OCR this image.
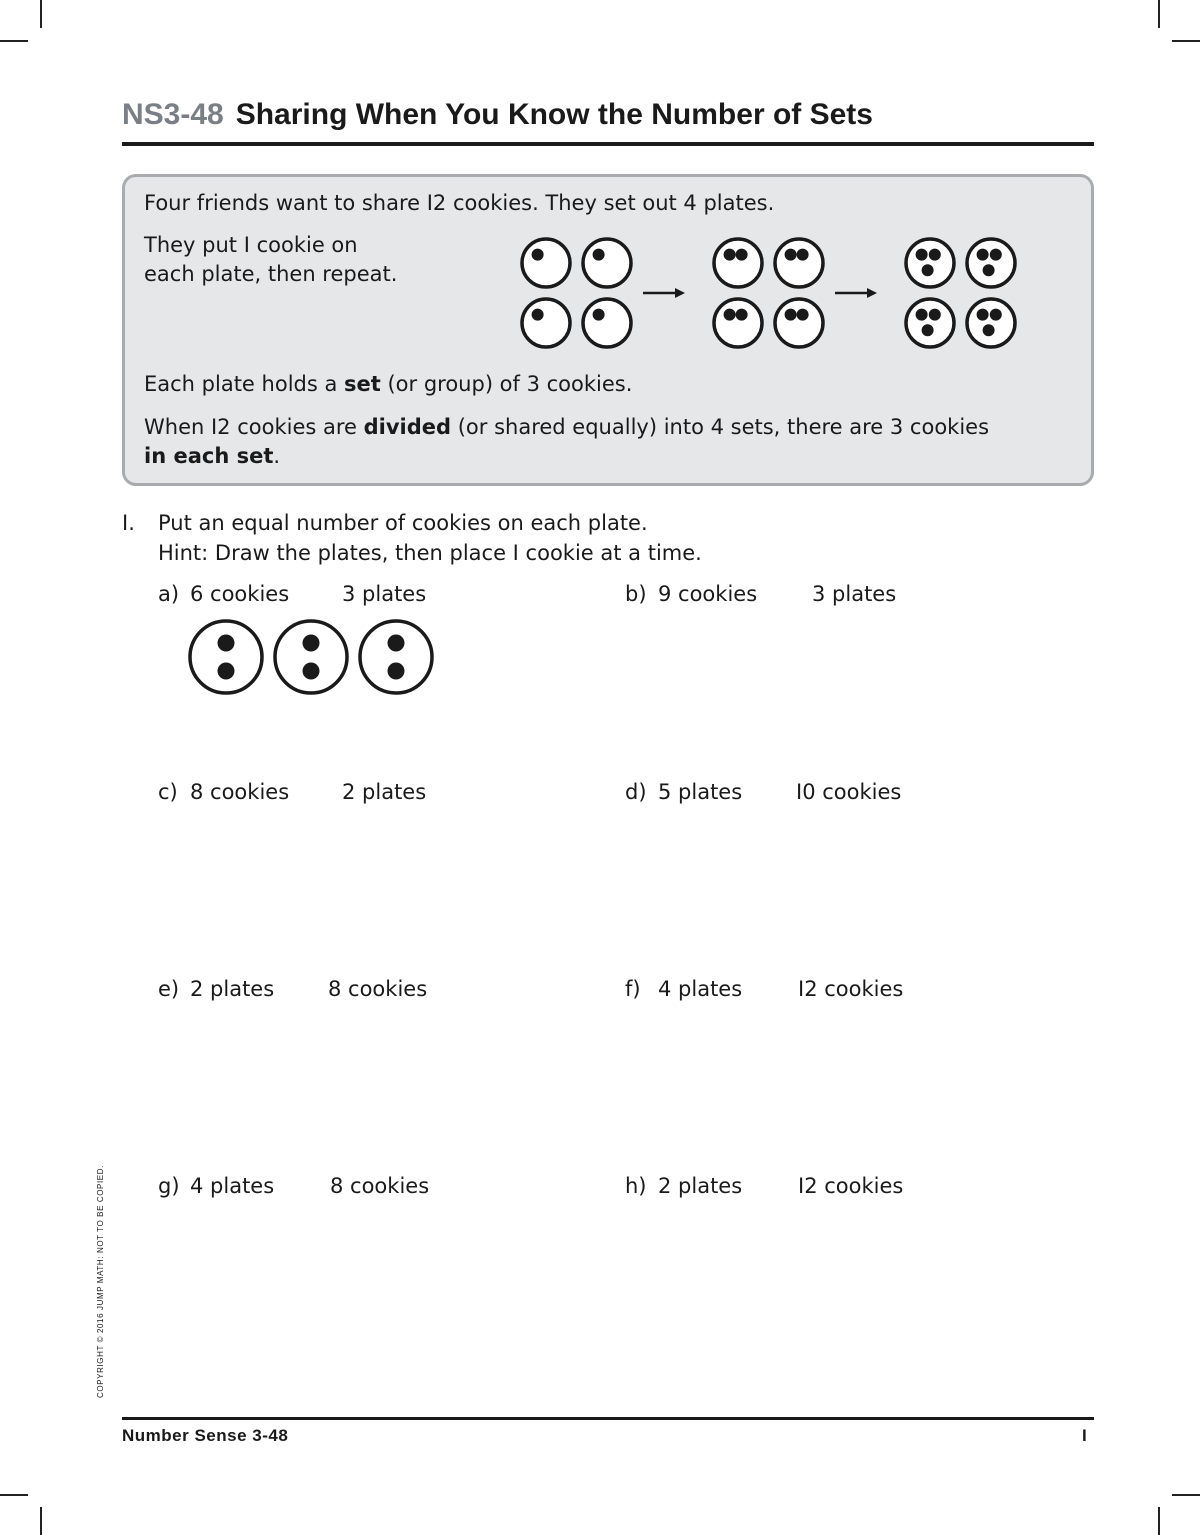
NS3-48 Sharing When You Know the Number of Sets
Four friends want to share I2 cookies. They set out 4 plates.
They put I cookie on
each plate, then repeat.
Each plate holds a set (or group) of 3 cookies.
When I2 cookies are divided (or shared equally) into 4 sets, there are 3 cookies
in each set.
I. Put an equal number of cookies on each plate.
Hint: Draw the plates, then place I cookie at a time.
a) 6 cookies	3 plates	b) 9 cookies	3 plates
c) 8 cookies	2 plates	d) 5 plates	I0 cookies
e) 2 plates	8 cookies	f) 4 plates	I2 cookies
g) 4 plates	8 cookies	h) 2 plates	I2 cookies
COPYRIGHT © 2016 JUMP MATH: NOT TO BE COPIED.
Number Sense 3-48	I
